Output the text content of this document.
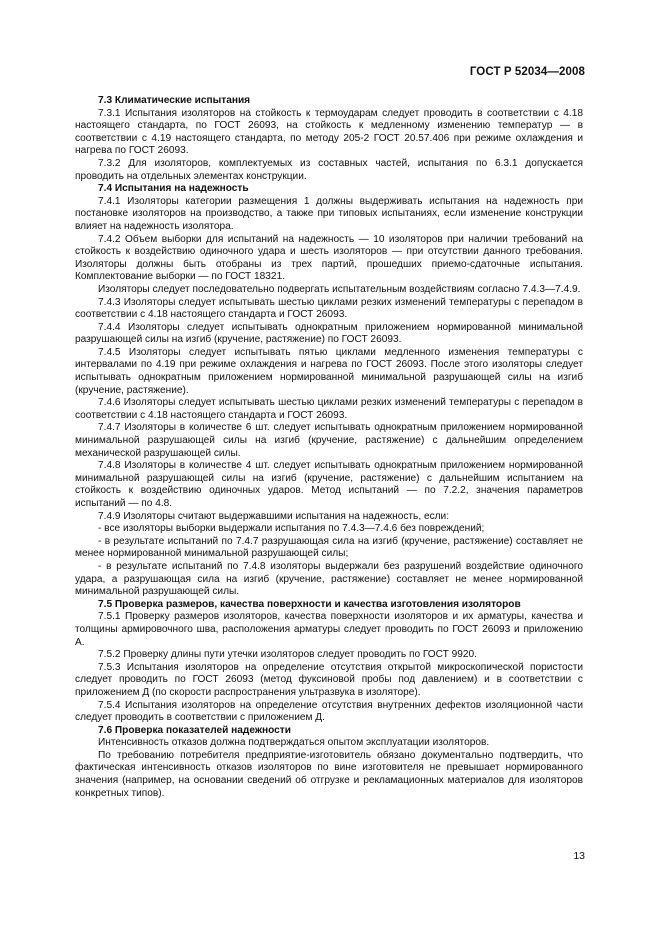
ГОСТ Р 52034—2008

7.3 Климатические испытания

7.3.1 Испытания изоляторов на стойкость к термоударам следует проводить в соответствии с 4.18 настоящего стандарта, по ГОСТ 26093, на стойкость к медленному изменению температур — в соответствии с 4.19 настоящего стандарта, по методу 205-2 ГОСТ 20.57.406 при режиме охлаждения и нагрева по ГОСТ 26093.

7.3.2 Для изоляторов, комплектуемых из составных частей, испытания по 6.3.1 допускается проводить на отдельных элементах конструкции.

7.4 Испытания на надежность

7.4.1 Изоляторы категории размещения 1 должны выдерживать испытания на надежность при постановке изоляторов на производство, а также при типовых испытаниях, если изменение конструкции влияет на надежность изолятора.

7.4.2 Объем выборки для испытаний на надежность — 10 изоляторов при наличии требований на стойкость к воздействию одиночного удара и шесть изоляторов — при отсутствии данного требования. Изоляторы должны быть отобраны из трех партий, прошедших приемо-сдаточные испытания. Комплектование выборки — по ГОСТ 18321.

Изоляторы следует последовательно подвергать испытательным воздействиям согласно 7.4.3—7.4.9.

7.4.3 Изоляторы следует испытывать шестью циклами резких изменений температуры с перепадом в соответствии с 4.18 настоящего стандарта и ГОСТ 26093.

7.4.4 Изоляторы следует испытывать однократным приложением нормированной минимальной разрушающей силы на изгиб (кручение, растяжение) по ГОСТ 26093.

7.4.5 Изоляторы следует испытывать пятью циклами медленного изменения температуры с интервалами по 4.19 при режиме охлаждения и нагрева по ГОСТ 26093. После этого изоляторы следует испытывать однократным приложением нормированной минимальной разрушающей силы на изгиб (кручение, растяжение).

7.4.6 Изоляторы следует испытывать шестью циклами резких изменений температуры с перепадом в соответствии с 4.18 настоящего стандарта и ГОСТ 26093.

7.4.7 Изоляторы в количестве 6 шт. следует испытывать однократным приложением нормированной минимальной разрушающей силы на изгиб (кручение, растяжение) с дальнейшим определением механической разрушающей силы.

7.4.8 Изоляторы в количестве 4 шт. следует испытывать однократным приложением нормированной минимальной разрушающей силы на изгиб (кручение, растяжение) с дальнейшим испытанием на стойкость к воздействию одиночных ударов. Метод испытаний — по 7.2.2, значения параметров испытаний — по 4.8.

7.4.9 Изоляторы считают выдержавшими испытания на надежность, если:

- все изоляторы выборки выдержали испытания по 7.4.3—7.4.6 без повреждений;

- в результате испытаний по 7.4.7 разрушающая сила на изгиб (кручение, растяжение) составляет не менее нормированной минимальной разрушающей силы;

- в результате испытаний по 7.4.8 изоляторы выдержали без разрушений воздействие одиночного удара, а разрушающая сила на изгиб (кручение, растяжение) составляет не менее нормированной минимальной разрушающей силы.

7.5 Проверка размеров, качества поверхности и качества изготовления изоляторов

7.5.1 Проверку размеров изоляторов, качества поверхности изоляторов и их арматуры, качества и толщины армировочного шва, расположения арматуры следует проводить по ГОСТ 26093 и приложению А.

7.5.2 Проверку длины пути утечки изоляторов следует проводить по ГОСТ 9920.

7.5.3 Испытания изоляторов на определение отсутствия открытой микроскопической пористости следует проводить по ГОСТ 26093 (метод фуксиновой пробы под давлением) и в соответствии с приложением Д (по скорости распространения ультразвука в изоляторе).

7.5.4 Испытания изоляторов на определение отсутствия внутренних дефектов изоляционной части следует проводить в соответствии с приложением Д.

7.6 Проверка показателей надежности

Интенсивность отказов должна подтверждаться опытом эксплуатации изоляторов.

По требованию потребителя предприятие-изготовитель обязано документально подтвердить, что фактическая интенсивность отказов изоляторов по вине изготовителя не превышает нормированного значения (например, на основании сведений об отгрузке и рекламационных материалов для изоляторов конкретных типов).

13
